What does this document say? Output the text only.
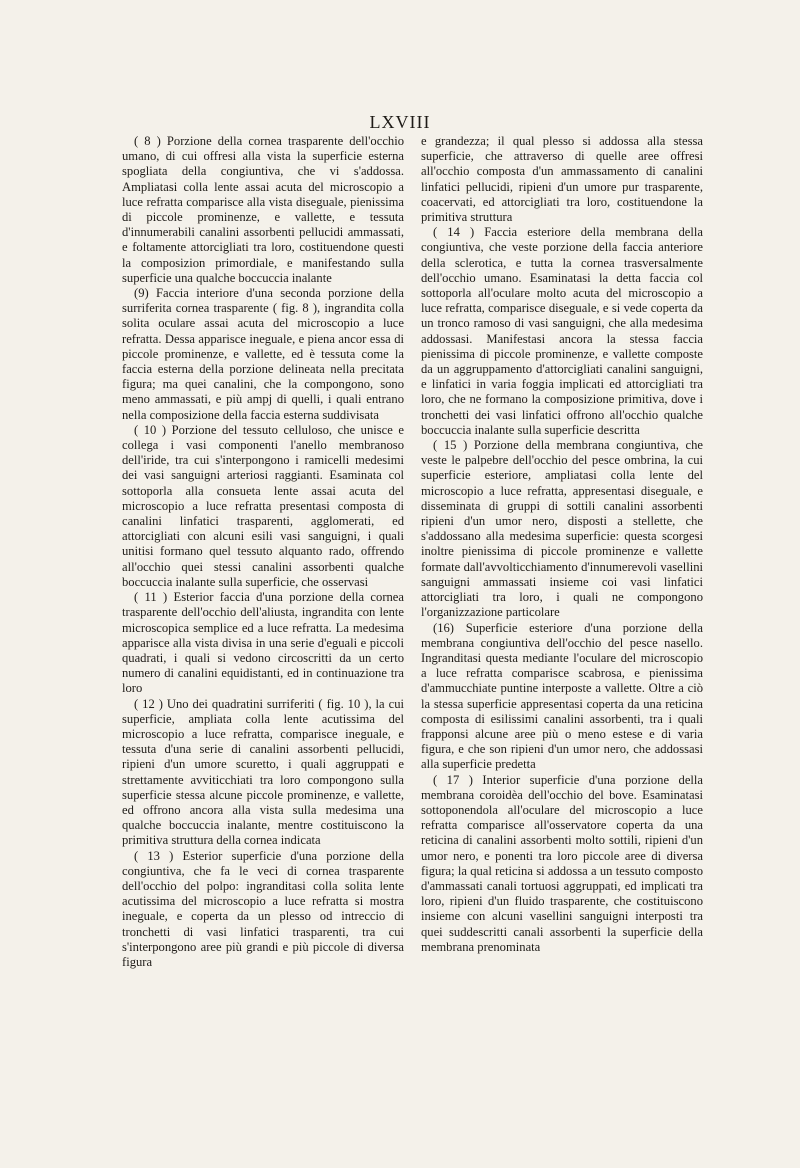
LXVIII

( 8 ) Porzione della cornea trasparente dell'occhio umano, di cui offresi alla vista la superficie esterna spogliata della congiuntiva, che vi s'addossa. Ampliatasi colla lente assai acuta del microscopio a luce refratta comparisce alla vista diseguale, pienissima di piccole prominenze, e vallette, e tessuta d'innumerabili canalini assorbenti pellucidi ammassati, e foltamente attorcigliati tra loro, costituendone questi la composizion primordiale, e manifestando sulla superficie una qualche boccuccia inalante

(9) Faccia interiore d'una seconda porzione della surriferita cornea trasparente ( fig. 8 ), ingrandita colla solita oculare assai acuta del microscopio a luce refratta. Dessa apparisce ineguale, e piena ancor essa di piccole prominenze, e vallette, ed è tessuta come la faccia esterna della porzione delineata nella precitata figura; ma quei canalini, che la compongono, sono meno ammassati, e più ampj di quelli, i quali entrano nella composizione della faccia esterna suddivisata

( 10 ) Porzione del tessuto celluloso, che unisce e collega i vasi componenti l'anello membranoso dell'iride, tra cui s'interpongono i ramicelli medesimi dei vasi sanguigni arteriosi raggianti. Esaminata col sottoporla alla consueta lente assai acuta del microscopio a luce refratta presentasi composta di canalini linfatici trasparenti, agglomerati, ed attorcigliati con alcuni esili vasi sanguigni, i quali unitisi formano quel tessuto alquanto rado, offrendo all'occhio quei stessi canalini assorbenti qualche boccuccia inalante sulla superficie, che osservasi

( 11 ) Esterior faccia d'una porzione della cornea trasparente dell'occhio dell'aliusta, ingrandita con lente microscopica semplice ed a luce refratta. La medesima apparisce alla vista divisa in una serie d'eguali e piccoli quadrati, i quali si vedono circoscritti da un certo numero di canalini equidistanti, ed in continuazione tra loro

( 12 ) Uno dei quadratini surriferiti ( fig. 10 ), la cui superficie, ampliata colla lente acutissima del microscopio a luce refratta, comparisce ineguale, e tessuta d'una serie di canalini assorbenti pellucidi, ripieni d'un umore scuretto, i quali aggruppati e strettamente avviticchiati tra loro compongono sulla superficie stessa alcune piccole prominenze, e vallette, ed offrono ancora alla vista sulla medesima una qualche boccuccia inalante, mentre costituiscono la primitiva struttura della cornea indicata

( 13 ) Esterior superficie d'una porzione della congiuntiva, che fa le veci di cornea trasparente dell'occhio del polpo: ingranditasi colla solita lente acutissima del microscopio a luce refratta si mostra ineguale, e coperta da un plesso od intreccio di tronchetti di vasi linfatici trasparenti, tra cui s'interpongono aree più grandi e più piccole di diversa figura

e grandezza; il qual plesso si addossa alla stessa superficie, che attraverso di quelle aree offresi all'occhio composta d'un ammassamento di canalini linfatici pellucidi, ripieni d'un umore pur trasparente, coacervati, ed attorcigliati tra loro, costituendone la primitiva struttura

( 14 ) Faccia esteriore della membrana della congiuntiva, che veste porzione della faccia anteriore della sclerotica, e tutta la cornea trasversalmente dell'occhio umano. Esaminatasi la detta faccia col sottoporla all'oculare molto acuta del microscopio a luce refratta, comparisce diseguale, e si vede coperta da un tronco ramoso di vasi sanguigni, che alla medesima addossasi. Manifestasi ancora la stessa faccia pienissima di piccole prominenze, e vallette composte da un aggruppamento d'attorcigliati canalini sanguigni, e linfatici in varia foggia implicati ed attorcigliati tra loro, che ne formano la composizione primitiva, dove i tronchetti dei vasi linfatici offrono all'occhio qualche boccuccia inalante sulla superficie descritta

( 15 ) Porzione della membrana congiuntiva, che veste le palpebre dell'occhio del pesce ombrina, la cui superficie esteriore, ampliatasi colla lente del microscopio a luce refratta, appresentasi diseguale, e disseminata di gruppi di sottili canalini assorbenti ripieni d'un umor nero, disposti a stellette, che s'addossano alla medesima superficie: questa scorgesi inoltre pienissima di piccole prominenze e vallette formate dall'avvolticchiamento d'innumerevoli vasellini sanguigni ammassati insieme coi vasi linfatici attorcigliati tra loro, i quali ne compongono l'organizzazione particolare

(16) Superficie esteriore d'una porzione della membrana congiuntiva dell'occhio del pesce nasello. Ingranditasi questa mediante l'oculare del microscopio a luce refratta comparisce scabrosa, e pienissima d'ammucchiate puntine interposte a vallette. Oltre a ciò la stessa superficie appresentasi coperta da una reticina composta di esilissimi canalini assorbenti, tra i quali frapponsi alcune aree più o meno estese e di varia figura, e che son ripieni d'un umor nero, che addossasi alla superficie predetta

( 17 ) Interior superficie d'una porzione della membrana coroidèa dell'occhio del bove. Esaminatasi sottoponendola all'oculare del microscopio a luce refratta comparisce all'osservatore coperta da una reticina di canalini assorbenti molto sottili, ripieni d'un umor nero, e ponenti tra loro piccole aree di diversa figura; la qual reticina si addossa a un tessuto composto d'ammassati canali tortuosi aggruppati, ed implicati tra loro, ripieni d'un fluido trasparente, che costituiscono insieme con alcuni vasellini sanguigni interposti tra quei suddescritti canali assorbenti la superficie della membrana prenominata
